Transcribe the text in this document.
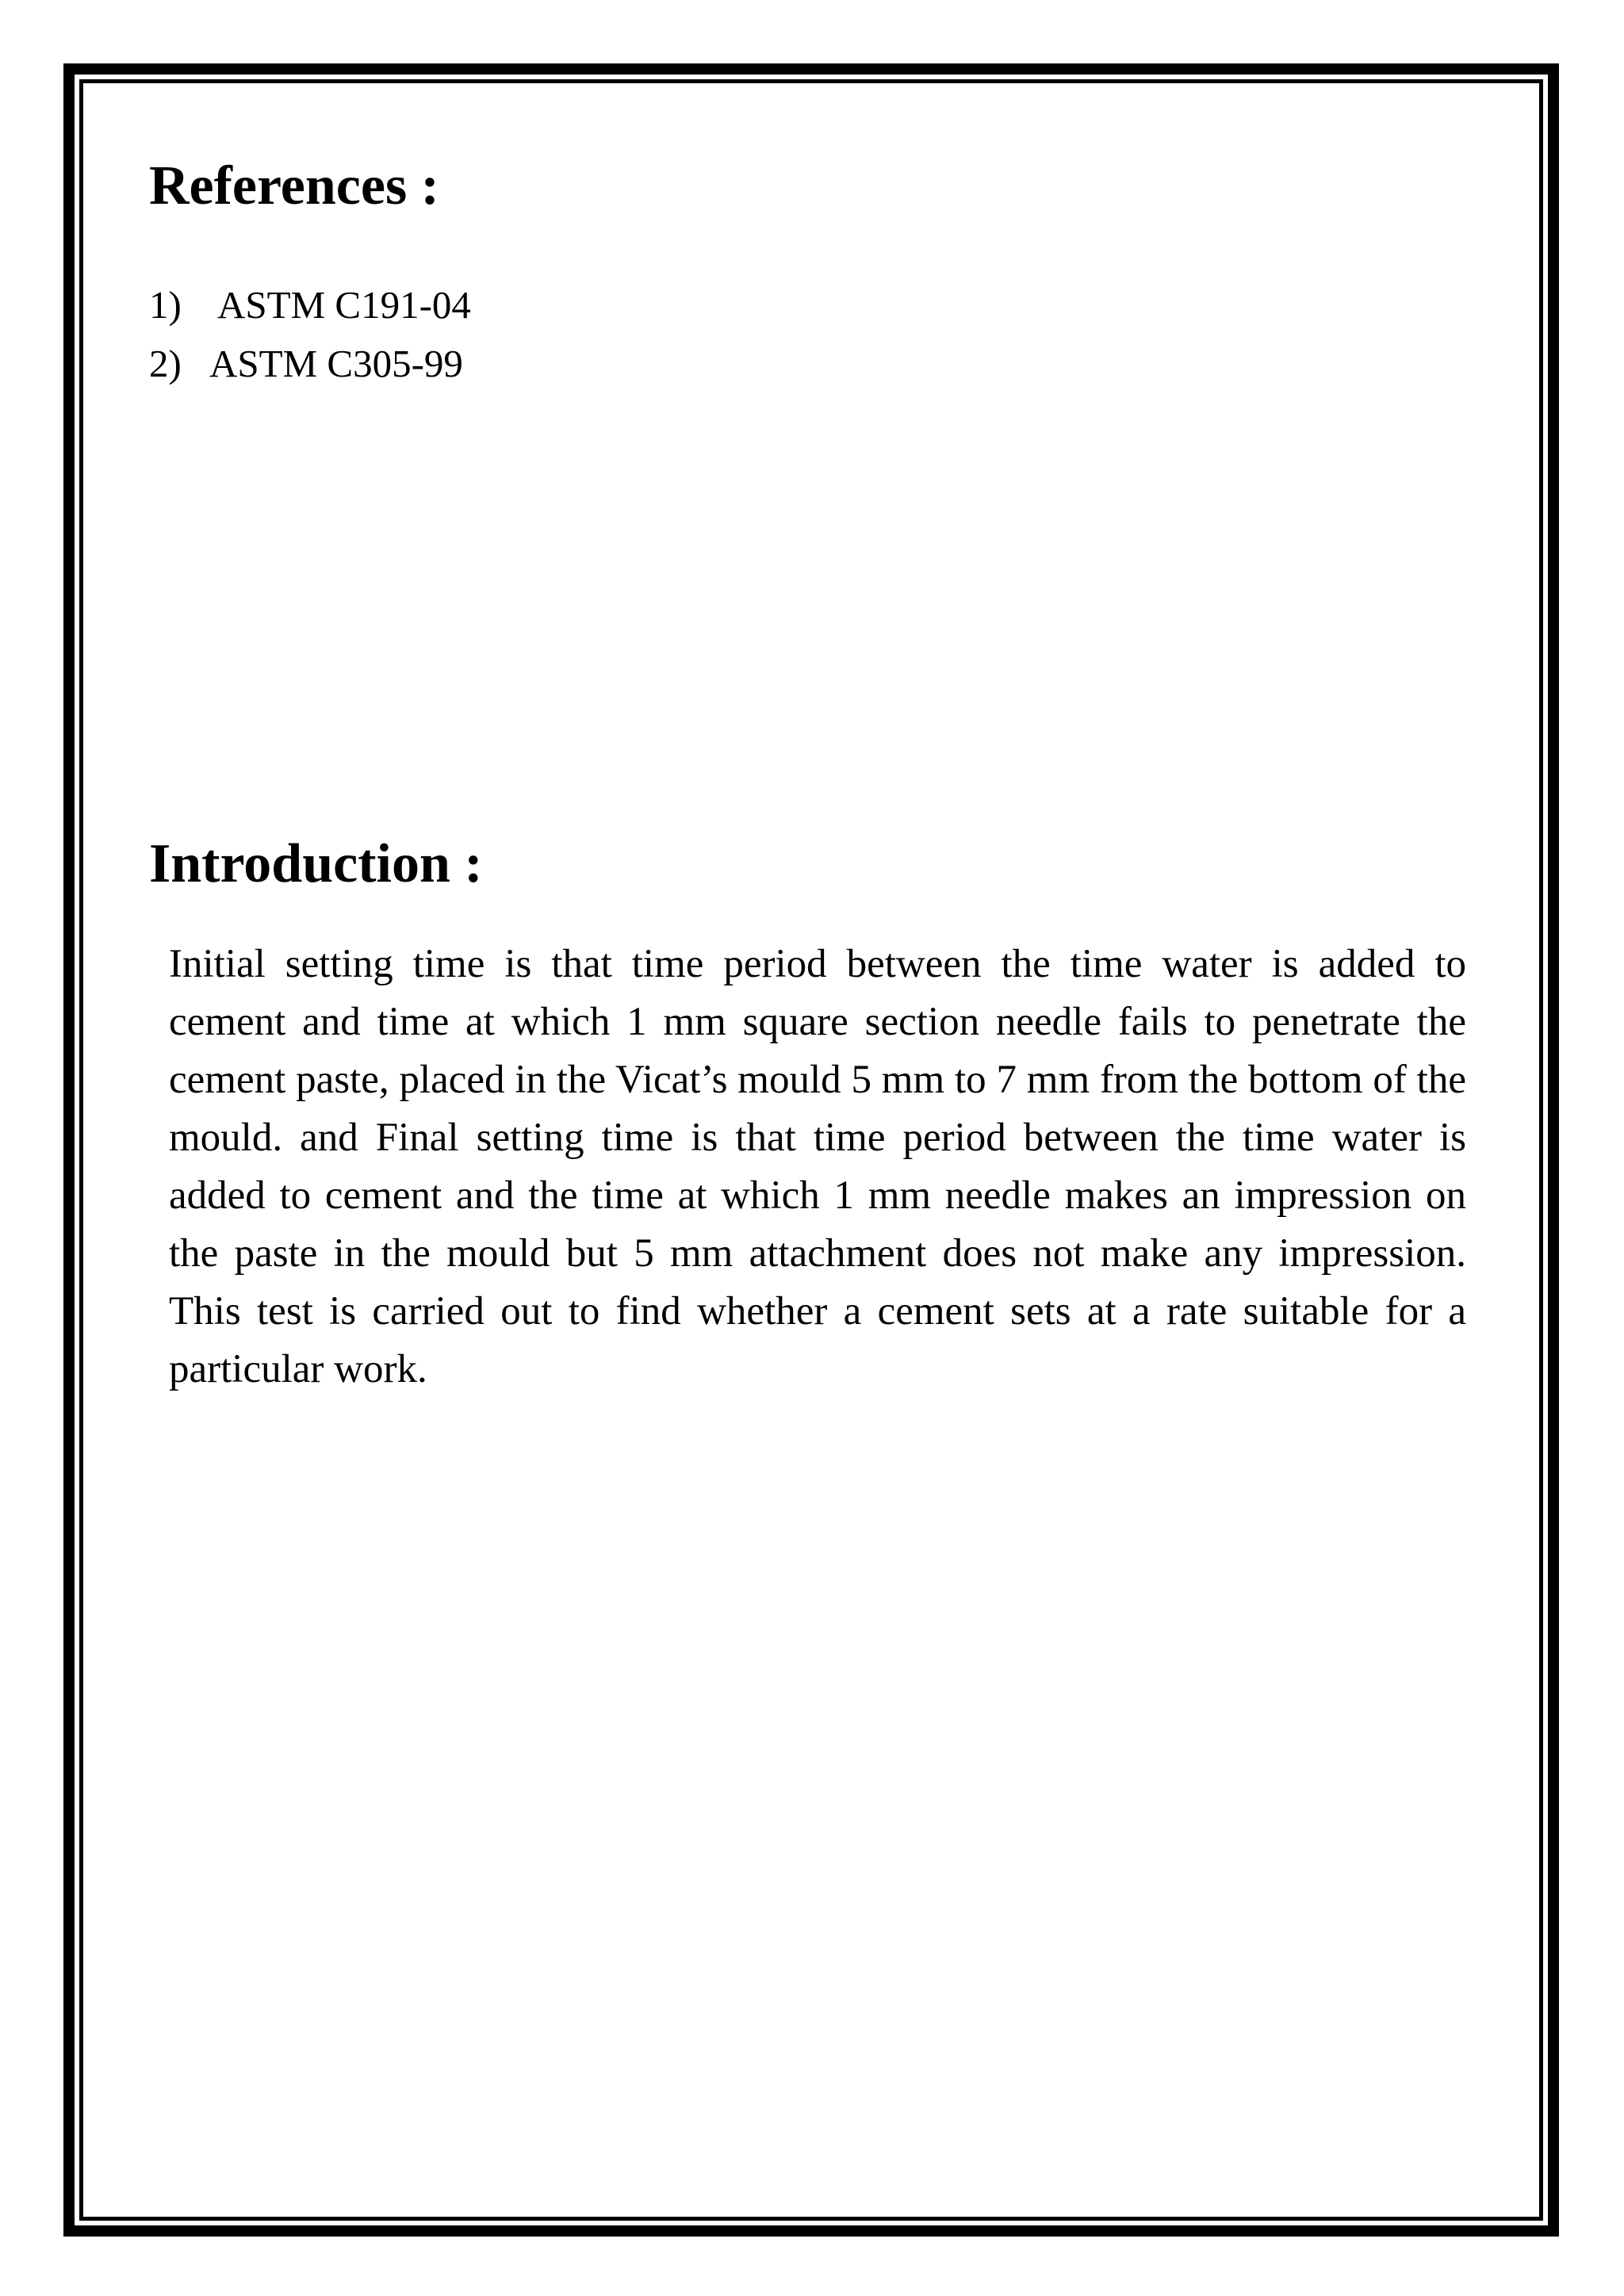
References :
1) ASTM C191-04
2) ASTM C305-99
Introduction :

Initial setting time is that time period between the time water is added to cement and time at which 1 mm square section needle fails to penetrate the cement paste, placed in the Vicat’s mould 5 mm to 7 mm from the bottom of the mould. and Final setting time is that time period between the time water is added to cement and the time at which 1 mm needle makes an impression on the paste in the mould but 5 mm attachment does not make any impression. This test is carried out to find whether a cement sets at a rate suitable for a particular work.
